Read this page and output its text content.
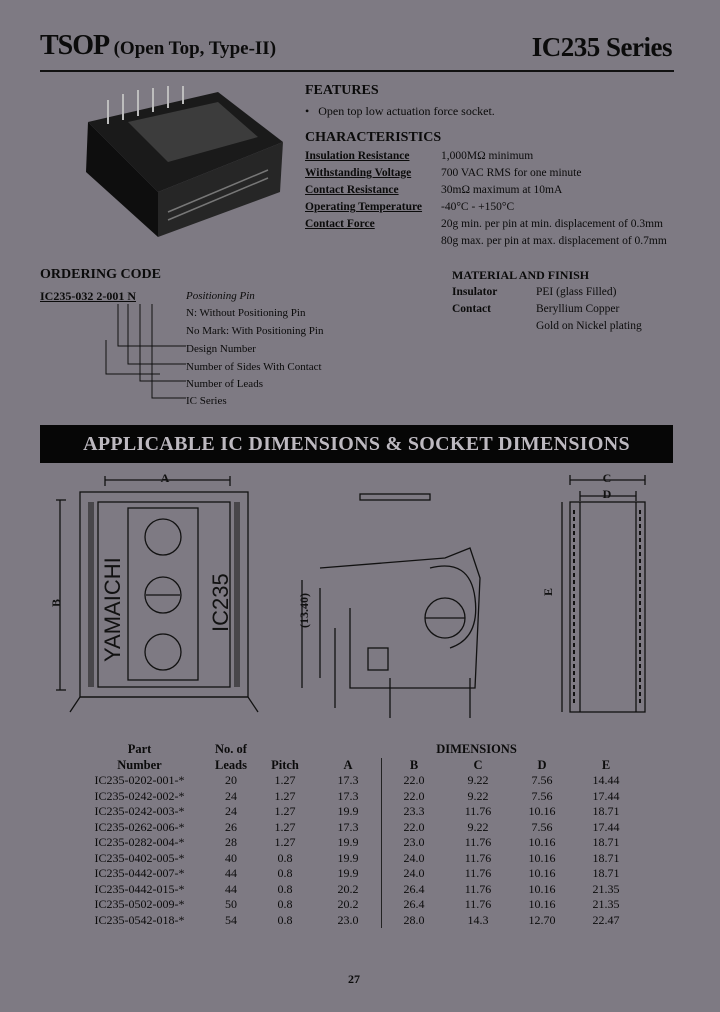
TSOP (Open Top, Type-II)	IC235 Series
FEATURES
• Open top low actuation force socket.
CHARACTERISTICS
Insulation Resistance	1,000MΩ minimum
Withstanding Voltage	700 VAC RMS for one minute
Contact Resistance	30mΩ maximum at 10mA
Operating Temperature -40°C - +150°C
Contact Force	20g min. per pin at min. displacement of 0.3mm
80g max. per pin at max. displacement of 0.7mm
ORDERING CODE
IC235-032 2-001 N	Positioning Pin
N: Without Positioning Pin
No Mark: With Positioning Pin
Design Number
Number of Sides With Contact
Number of Leads
IC Series
MATERIAL AND FINISH
Insulator	PEI (glass Filled)
Contact	Beryllium Copper
Gold on Nickel plating
APPLICABLE IC DIMENSIONS & SOCKET DIMENSIONS
A
B YAMAICHI	IC235	(13.40)
C
D
E
Part	No. of		DIMENSIONS				
Number	Leads	Pitch	A	B	C	D	E
IC235-0202-001-*	20	1.27	17.3	22.0	9.22	7.56	14.44
IC235-0242-002-*	24	1.27	17.3	22.0	9.22	7.56	17.44
IC235-0242-003-*	24	1.27	19.9	23.3	11.76	10.16	18.71
IC235-0262-006-*	26	1.27	17.3	22.0	9.22	7.56	17.44
IC235-0282-004-*	28	1.27	19.9	23.0	11.76	10.16	18.71
IC235-0402-005-*	40	0.8	19.9	24.0	11.76	10.16	18.71
IC235-0442-007-*	44	0.8	19.9	24.0	11.76	10.16	18.71
IC235-0442-015-*	44	0.8	20.2	26.4	11.76	10.16	21.35
IC235-0502-009-*	50	0.8	20.2	26.4	11.76	10.16	21.35
IC235-0542-018-*	54	0.8	23.0	28.0	14.3	12.70	22.47
27
